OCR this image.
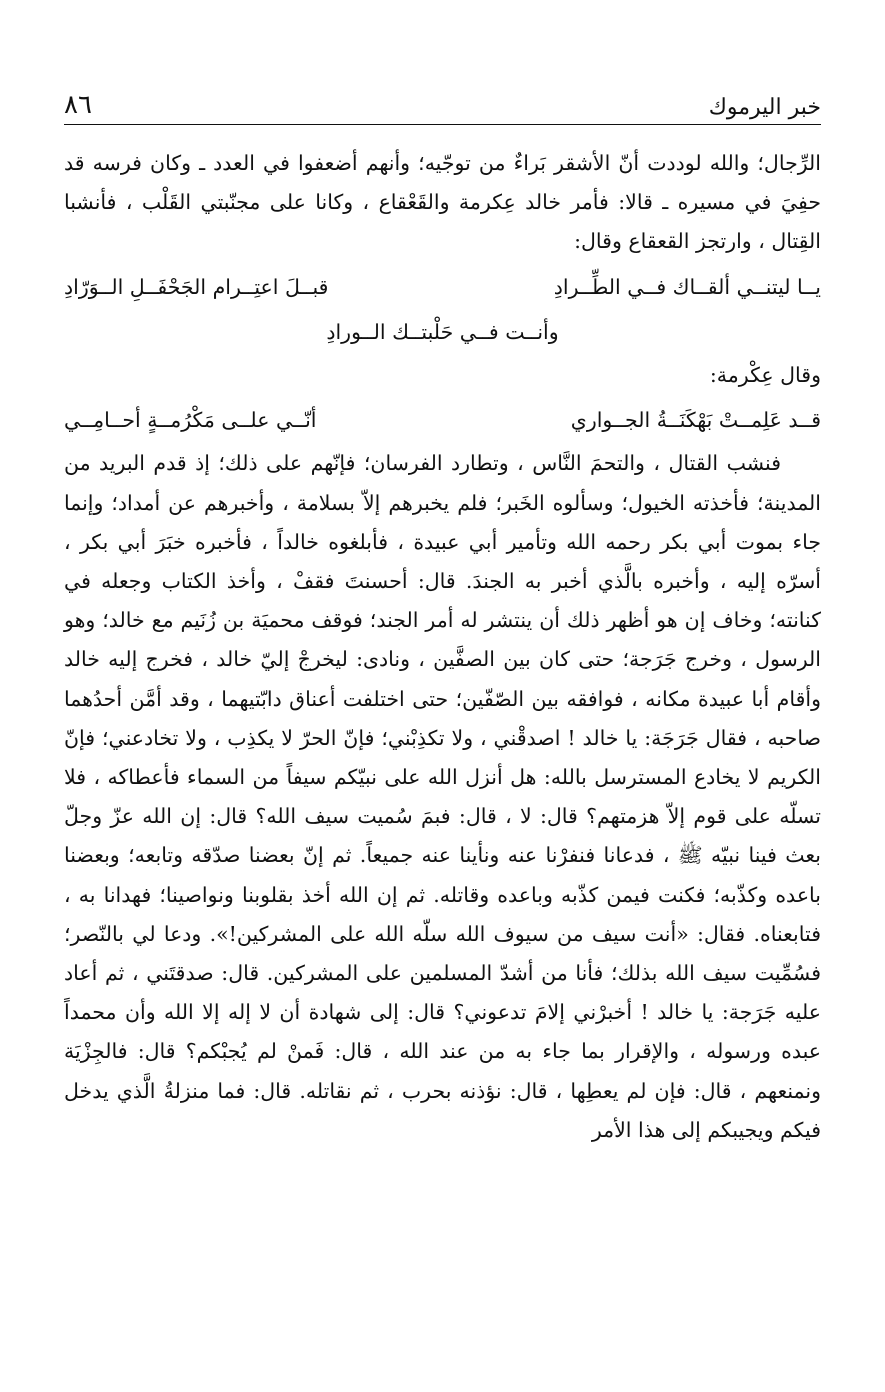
٨٦	خبر اليرموك

الرِّجال؛ والله لوددت أنّ الأشقر بَراءٌ من توجّيه؛ وأنهم أضعفوا في العدد ـ وكان فرسه قد حفِيَ في مسيره ـ قالا: فأمر خالد عِكرمة والقَعْقاع ، وكانا على مجنّبتي القَلْب ، فأنشبا القِتال ، وارتجز القعقاع وقال:

يــا ليتنــي ألقــاك فــي الطِّــرادِ
قبــلَ اعتِــرام الجَحْفَــلِ الــوَرّادِ
وأنــت فــي حَلْبتــك الــورادِ

وقال عِكْرمة:

قــد عَلِمــتْ بَهْكَنَــةُ الجــواري
أنّــي علــى مَكْرُمــةٍ أحــامِــي

فنشب القتال ، والتحمَ النَّاس ، وتطارد الفرسان؛ فإنّهم على ذلك؛ إذ قدم البريد من المدينة؛ فأخذته الخيول؛ وسألوه الخَبر؛ فلم يخبرهم إلاّ بسلامة ، وأخبرهم عن أمداد؛ وإنما جاء بموت أبي بكر رحمه الله وتأمير أبي عبيدة ، فأبلغوه خالداً ، فأخبره خبَرَ أبي بكر ، أسرّه إليه ، وأخبره بالَّذي أخبر به الجندَ. قال: أحسنتَ فقفْ ، وأخذ الكتاب وجعله في كنانته؛ وخاف إن هو أظهر ذلك أن ينتشر له أمر الجند؛ فوقف محميَة بن زُنَيم مع خالد؛ وهو الرسول ، وخرج جَرَجة؛ حتى كان بين الصفَّين ، ونادى: ليخرجْ إليّ خالد ، فخرج إليه خالد وأقام أبا عبيدة مكانه ، فوافقه بين الصّفّين؛ حتى اختلفت أعناق دابّتيهما ، وقد أمَّن أحدُهما صاحبه ، فقال جَرَجَة: يا خالد ! اصدقْني ، ولا تكذِبْني؛ فإنّ الحرّ لا يكذِب ، ولا تخادعني؛ فإنّ الكريم لا يخادع المسترسل بالله: هل أنزل الله على نبيّكم سيفاً من السماء فأعطاكه ، فلا تسلّه على قوم إلاّ هزمتهم؟ قال: لا ، قال: فبمَ سُميت سيف الله؟ قال: إن الله عزّ وجلّ بعث فينا نبيّه ﷺ ، فدعانا فنفرْنا عنه ونأينا عنه جميعاً. ثم إنّ بعضنا صدّقه وتابعه؛ وبعضنا باعده وكذّبه؛ فكنت فيمن كذّبه وباعده وقاتله. ثم إن الله أخذ بقلوبنا ونواصينا؛ فهدانا به ، فتابعناه. فقال: «أنت سيف من سيوف الله سلّه الله على المشركين!». ودعا لي بالنّصر؛ فسُمِّيت سيف الله بذلك؛ فأنا من أشدّ المسلمين على المشركين. قال: صدقتَني ، ثم أعاد عليه جَرَجة: يا خالد ! أخبرْني إلامَ تدعوني؟ قال: إلى شهادة أن لا إله إلا الله وأن محمداً عبده ورسوله ، والإقرار بما جاء به من عند الله ، قال: فَمنْ لم يُجبْكم؟ قال: فالجِزْيَة ونمنعهم ، قال: فإن لم يعطِها ، قال: نؤذنه بحرب ، ثم نقاتله. قال: فما منزلةُ الَّذي يدخل فيكم ويجيبكم إلى هذا الأمر
